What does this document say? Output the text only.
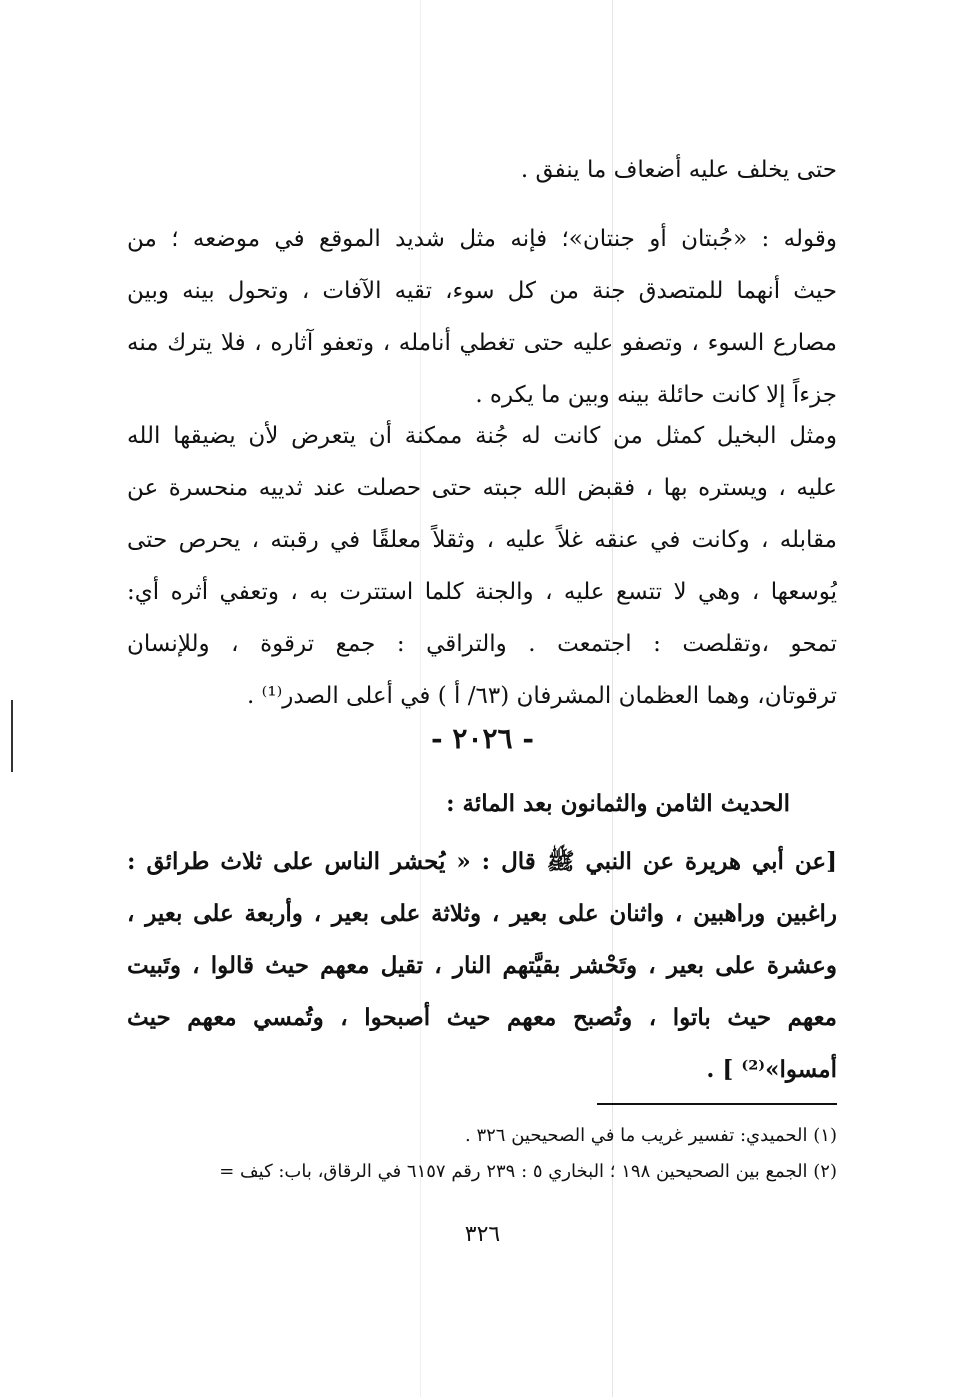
حتى يخلف عليه أضعاف ما ينفق .
وقوله : «جُبتان أو جنتان»؛ فإنه مثل شديد الموقع في موضعه ؛ من
حيث أنهما للمتصدق جنة من كل سوء، تقيه الآفات ، وتحول بينه وبين
مصارع السوء ، وتصفو عليه حتى تغطي أنامله ، وتعفو آثاره ، فلا يترك منه
جزءاً إلا كانت حائلة بينه وبين ما يكره .
ومثل البخيل كمثل من كانت له جُنة ممكنة أن يتعرض لأن يضيقها الله
عليه ، ويستره بها ، فقبض الله جبته حتى حصلت عند ثدييه منحسرة عن
مقابله ، وكانت في عنقه غلاً عليه ، وثقلاً معلقًا في رقبته ، يحرص حتى
يُوسعها ، وهي لا تتسع عليه ، والجنة كلما استترت به ، وتعفي أثره أي:
تمحو ،وتقلصت : اجتمعت . والتراقي : جمع ترقوة ، وللإنسان
ترقوتان، وهما العظمان المشرفان (٦٣/ أ ) في أعلى الصدر⁽¹⁾ .
- ٢٠٢٦ -
الحديث الثامن والثمانون بعد المائة :
[عن أبي هريرة عن النبي ﷺ قال : « يُحشر الناس على ثلاث طرائق :
راغبين وراهبين ، واثنان على بعير ، وثلاثة على بعير ، وأربعة على بعير ،
وعشرة على بعير ، وتَحْشر بقيَّتهم النار ، تقيل معهم حيث قالوا ، وتَبيت
معهم حيث باتوا ، وتُصبح معهم حيث أصبحوا ، وتُمسي معهم حيث
أمسوا»⁽²⁾ ] .
(١) الحميدي: تفسير غريب ما في الصحيحين ٣٢٦ .
(٢) الجمع بين الصحيحين ١٩٨ ؛ البخاري ٥ : ٢٣٩ رقم ٦١٥٧ في الرقاق، باب: كيف =
٣٢٦
